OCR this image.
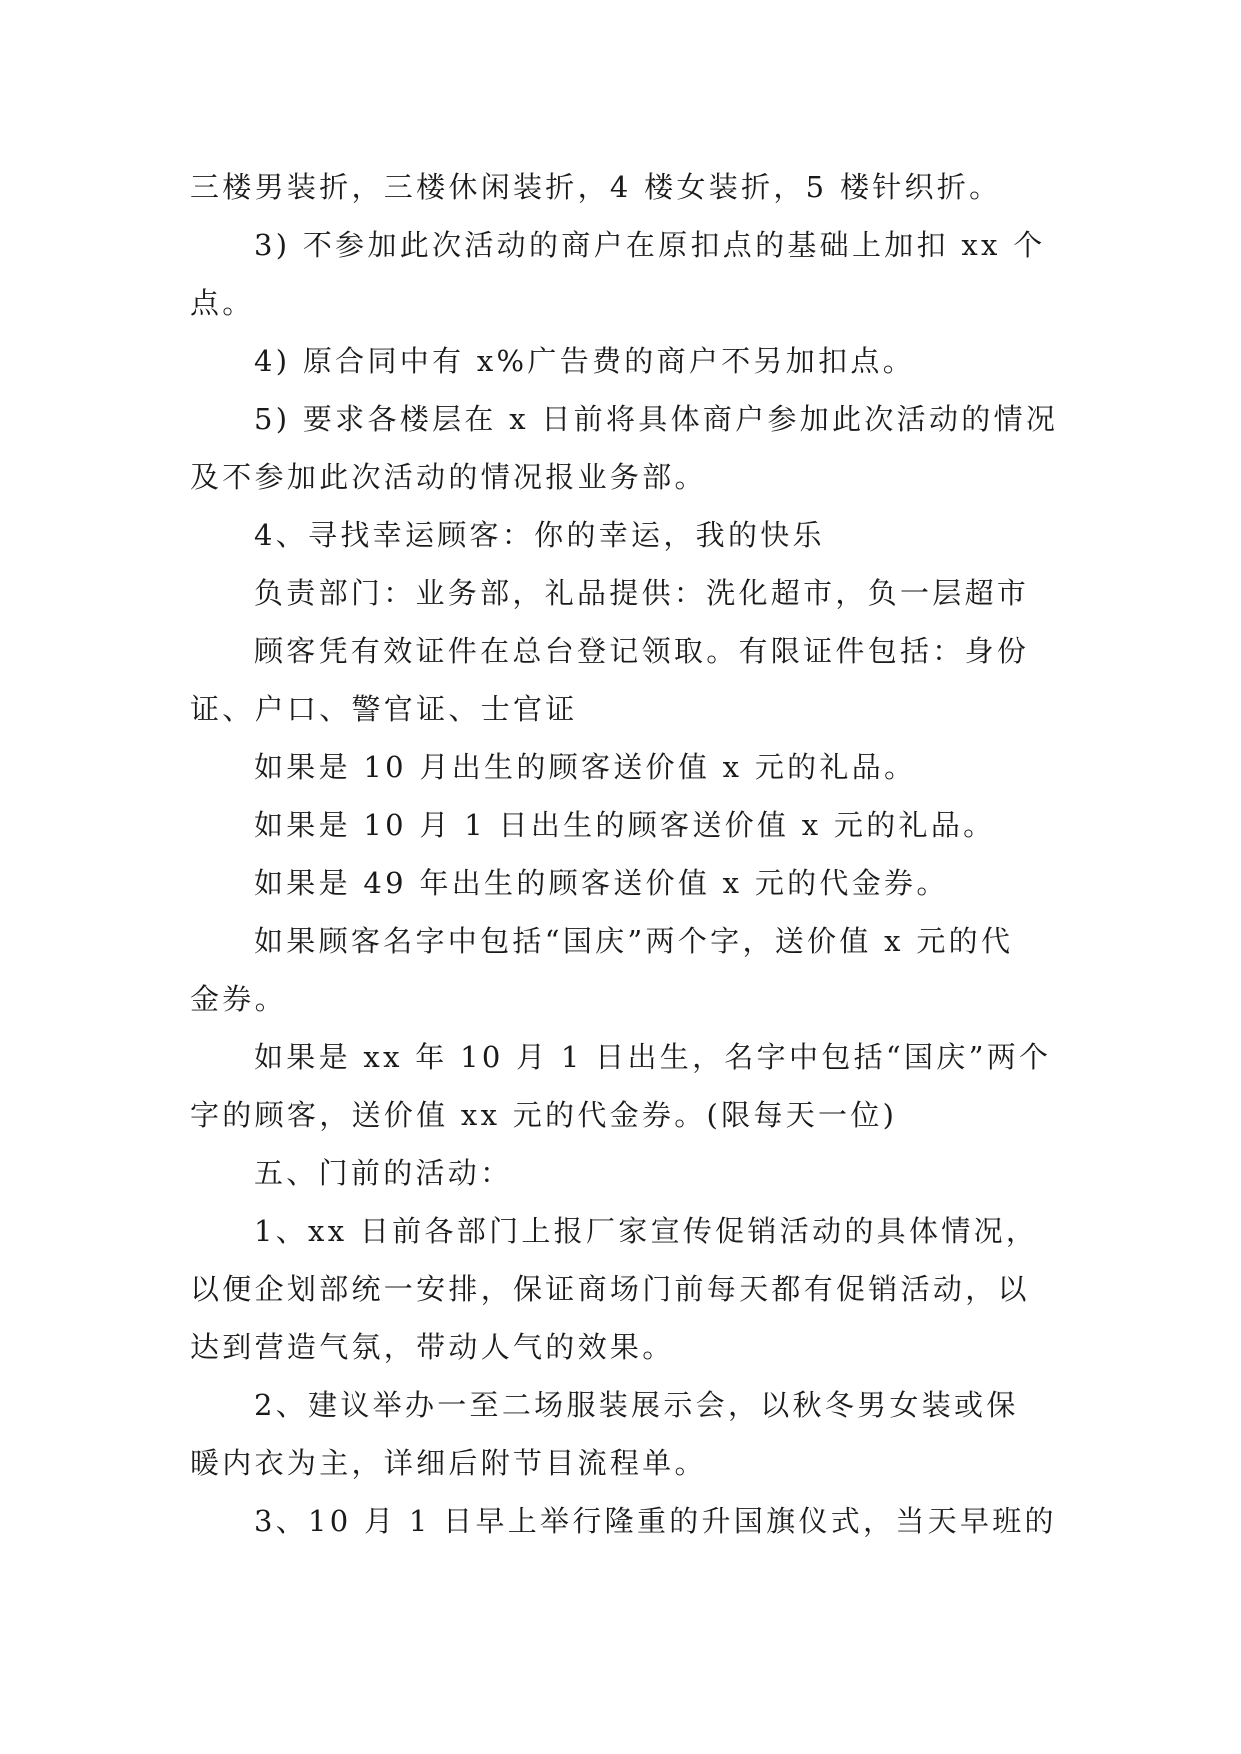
三楼男装折，三楼休闲装折，4 楼女装折，5 楼针织折。
3) 不参加此次活动的商户在原扣点的基础上加扣 xx 个
点。
4) 原合同中有 x%广告费的商户不另加扣点。
5) 要求各楼层在 x 日前将具体商户参加此次活动的情况
及不参加此次活动的情况报业务部。
4、寻找幸运顾客：你的幸运，我的快乐
负责部门：业务部，礼品提供：洗化超市，负一层超市
顾客凭有效证件在总台登记领取。有限证件包括：身份
证、户口、警官证、士官证
如果是 10 月出生的顾客送价值 x 元的礼品。
如果是 10 月 1 日出生的顾客送价值 x 元的礼品。
如果是 49 年出生的顾客送价值 x 元的代金券。
如果顾客名字中包括“国庆”两个字，送价值 x 元的代
金券。
如果是 xx 年 10 月 1 日出生，名字中包括“国庆”两个
字的顾客，送价值 xx 元的代金券。(限每天一位)
五、门前的活动：
1、xx 日前各部门上报厂家宣传促销活动的具体情况，
以便企划部统一安排，保证商场门前每天都有促销活动，以
达到营造气氛，带动人气的效果。
2、建议举办一至二场服装展示会，以秋冬男女装或保
暖内衣为主，详细后附节目流程单。
3、10 月 1 日早上举行隆重的升国旗仪式，当天早班的
